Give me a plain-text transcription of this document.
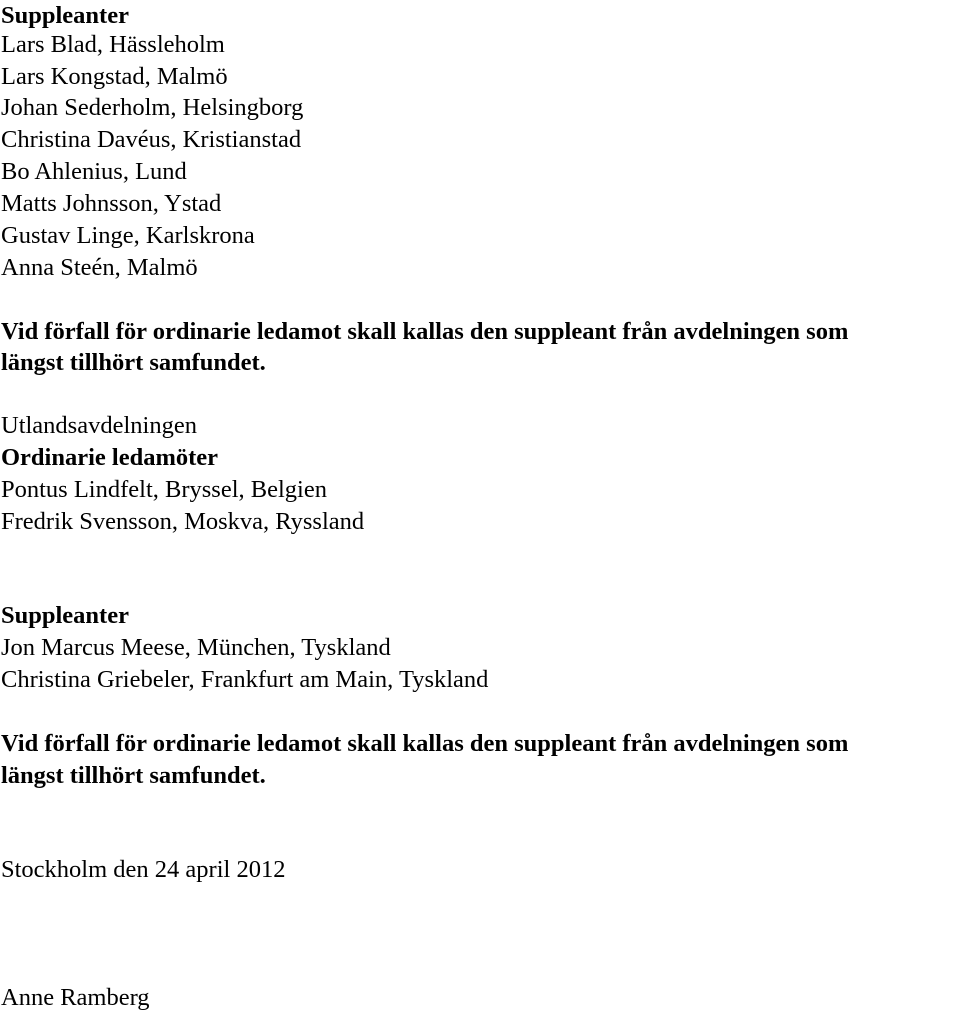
Suppleanter
Lars Blad, Hässleholm
Lars Kongstad, Malmö
Johan Sederholm, Helsingborg
Christina Davéus, Kristianstad
Bo Ahlenius, Lund
Matts Johnsson, Ystad
Gustav Linge, Karlskrona
Anna Steén, Malmö
Vid förfall för ordinarie ledamot skall kallas den suppleant från avdelningen som
längst tillhört samfundet.
Utlandsavdelningen
Ordinarie ledamöter
Pontus Lindfelt, Bryssel, Belgien
Fredrik Svensson, Moskva, Ryssland
Suppleanter
Jon Marcus Meese, München, Tyskland
Christina Griebeler, Frankfurt am Main, Tyskland
Vid förfall för ordinarie ledamot skall kallas den suppleant från avdelningen som
längst tillhört samfundet.
Stockholm den 24 april 2012
Anne Ramberg
